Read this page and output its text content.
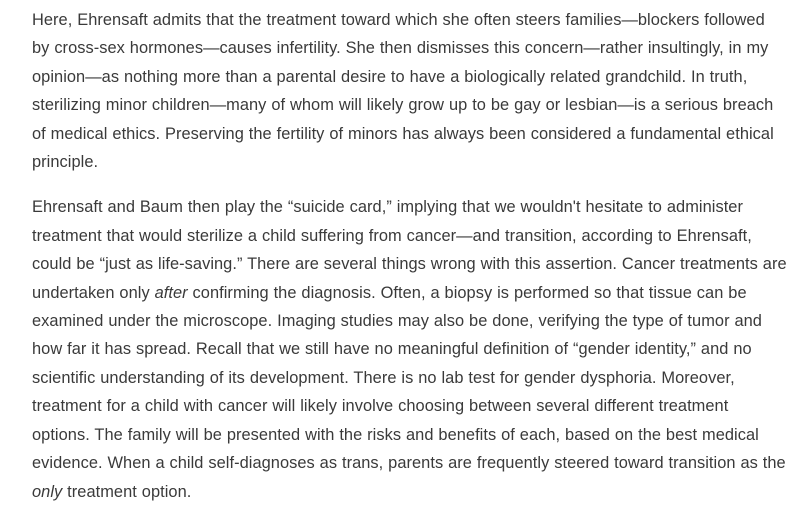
Here, Ehrensaft admits that the treatment toward which she often steers families—blockers followed by cross-sex hormones—causes infertility. She then dismisses this concern—rather insultingly, in my opinion—as nothing more than a parental desire to have a biologically related grandchild. In truth, sterilizing minor children—many of whom will likely grow up to be gay or lesbian—is a serious breach of medical ethics. Preserving the fertility of minors has always been considered a fundamental ethical principle.

Ehrensaft and Baum then play the “suicide card,” implying that we wouldn't hesitate to administer treatment that would sterilize a child suffering from cancer—and transition, according to Ehrensaft, could be “just as life-saving.” There are several things wrong with this assertion. Cancer treatments are undertaken only after confirming the diagnosis. Often, a biopsy is performed so that tissue can be examined under the microscope. Imaging studies may also be done, verifying the type of tumor and how far it has spread. Recall that we still have no meaningful definition of “gender identity,” and no scientific understanding of its development. There is no lab test for gender dysphoria. Moreover, treatment for a child with cancer will likely involve choosing between several different treatment options. The family will be presented with the risks and benefits of each, based on the best medical evidence. When a child self-diagnoses as trans, parents are frequently steered toward transition as the only treatment option.
